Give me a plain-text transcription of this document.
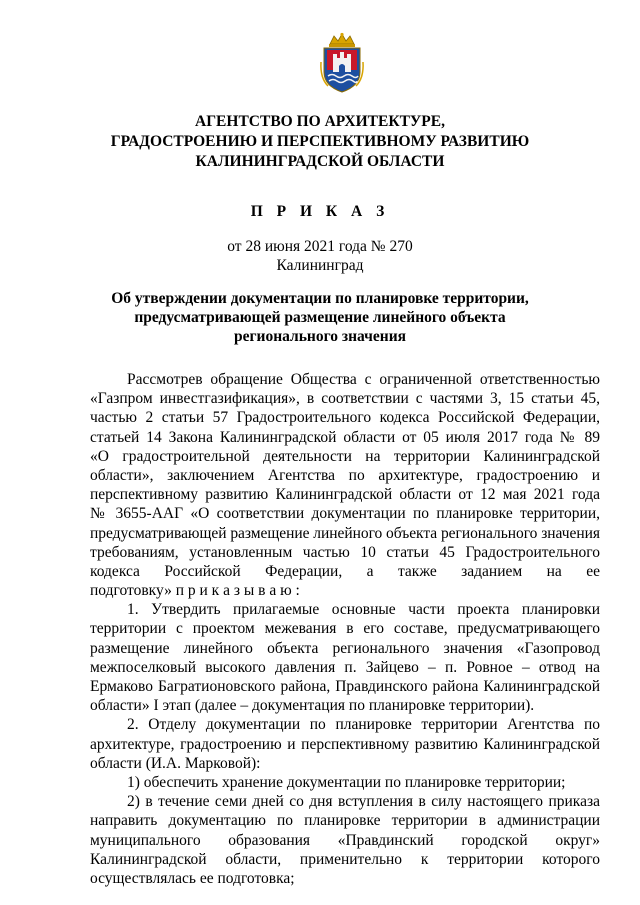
АГЕНТСТВО ПО АРХИТЕКТУРЕ,
ГРАДОСТРОЕНИЮ И ПЕРСПЕКТИВНОМУ РАЗВИТИЮ
КАЛИНИНГРАДСКОЙ ОБЛАСТИ
П Р И К А З
от 28 июня 2021 года № 270
Калининград
Об утверждении документации по планировке территории,
предусматривающей размещение линейного объекта
регионального значения
Рассмотрев обращение Общества с ограниченной ответственностью
«Газпром инвестгазификация», в соответствии с частями 3, 15 статьи 45,
частью 2 статьи 57 Градостроительного кодекса Российской Федерации,
статьей 14 Закона Калининградской области от 05 июля 2017 года № 89
«О градостроительной деятельности на территории Калининградской
области», заключением Агентства по архитектуре, градостроению и
перспективному развитию Калининградской области от 12 мая 2021 года
№ 3655-ААГ «О соответствии документации по планировке территории,
предусматривающей размещение линейного объекта регионального значения
требованиям, установленным частью 10 статьи 45 Градостроительного
кодекса Российской Федерации, а также заданием на ее
подготовку» п р и к а з ы в а ю :
1. Утвердить прилагаемые основные части проекта планировки
территории с проектом межевания в его составе, предусматривающего
размещение линейного объекта регионального значения «Газопровод
межпоселковый высокого давления п. Зайцево – п. Ровное – отвод на
Ермаково Багратионовского района, Правдинского района Калининградской
области» I этап (далее – документация по планировке территории).
2. Отделу документации по планировке территории Агентства по
архитектуре, градостроению и перспективному развитию Калининградской
области (И.А. Марковой):
1) обеспечить хранение документации по планировке территории;
2) в течение семи дней со дня вступления в силу настоящего приказа
направить документацию по планировке территории в администрации
муниципального образования «Правдинский городской округ»
Калининградской области, применительно к территории которого
осуществлялась ее подготовка;
